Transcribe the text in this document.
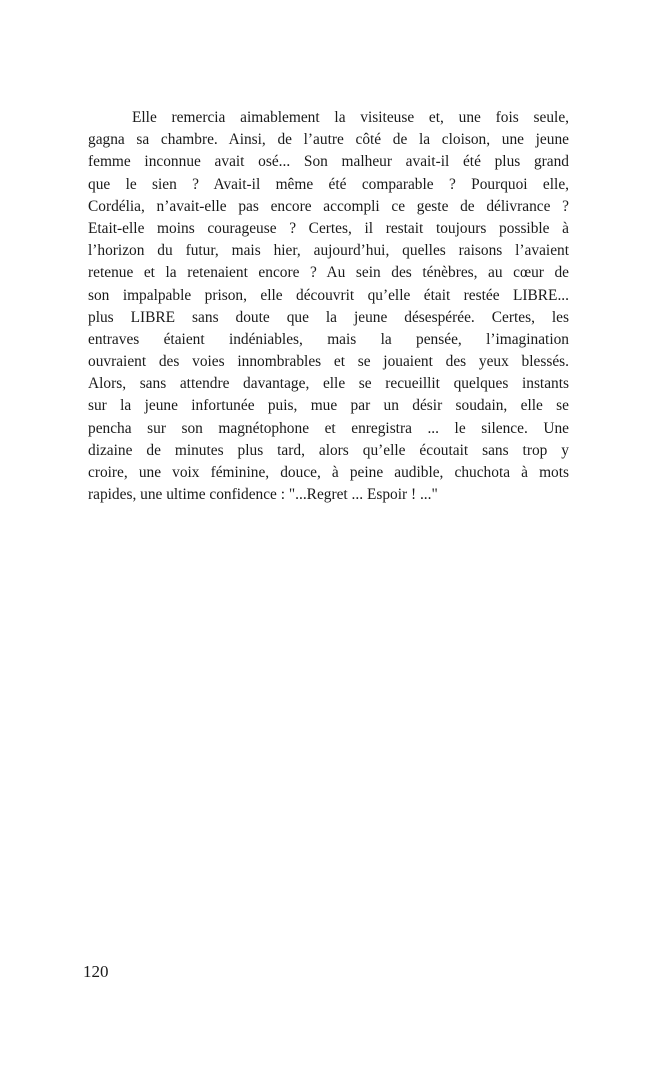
Elle remercia aimablement la visiteuse et, une fois seule,
gagna sa chambre. Ainsi, de l’autre côté de la cloison, une jeune
femme inconnue avait osé... Son malheur avait-il été plus grand
que le sien ? Avait-il même été comparable ? Pourquoi elle,
Cordélia, n’avait-elle pas encore accompli ce geste de délivrance ?
Etait-elle moins courageuse ? Certes, il restait toujours possible à
l’horizon du futur, mais hier, aujourd’hui, quelles raisons l’avaient
retenue et la retenaient encore ? Au sein des ténèbres, au cœur de
son impalpable prison, elle découvrit qu’elle était restée LIBRE...
plus LIBRE sans doute que la jeune désespérée. Certes, les
entraves étaient indéniables, mais la pensée, l’imagination
ouvraient des voies innombrables et se jouaient des yeux blessés.
Alors, sans attendre davantage, elle se recueillit quelques instants
sur la jeune infortunée puis, mue par un désir soudain, elle se
pencha sur son magnétophone et enregistra ... le silence. Une
dizaine de minutes plus tard, alors qu’elle écoutait sans trop y
croire, une voix féminine, douce, à peine audible, chuchota à mots
rapides, une ultime confidence : "...Regret ... Espoir ! ..."
120
